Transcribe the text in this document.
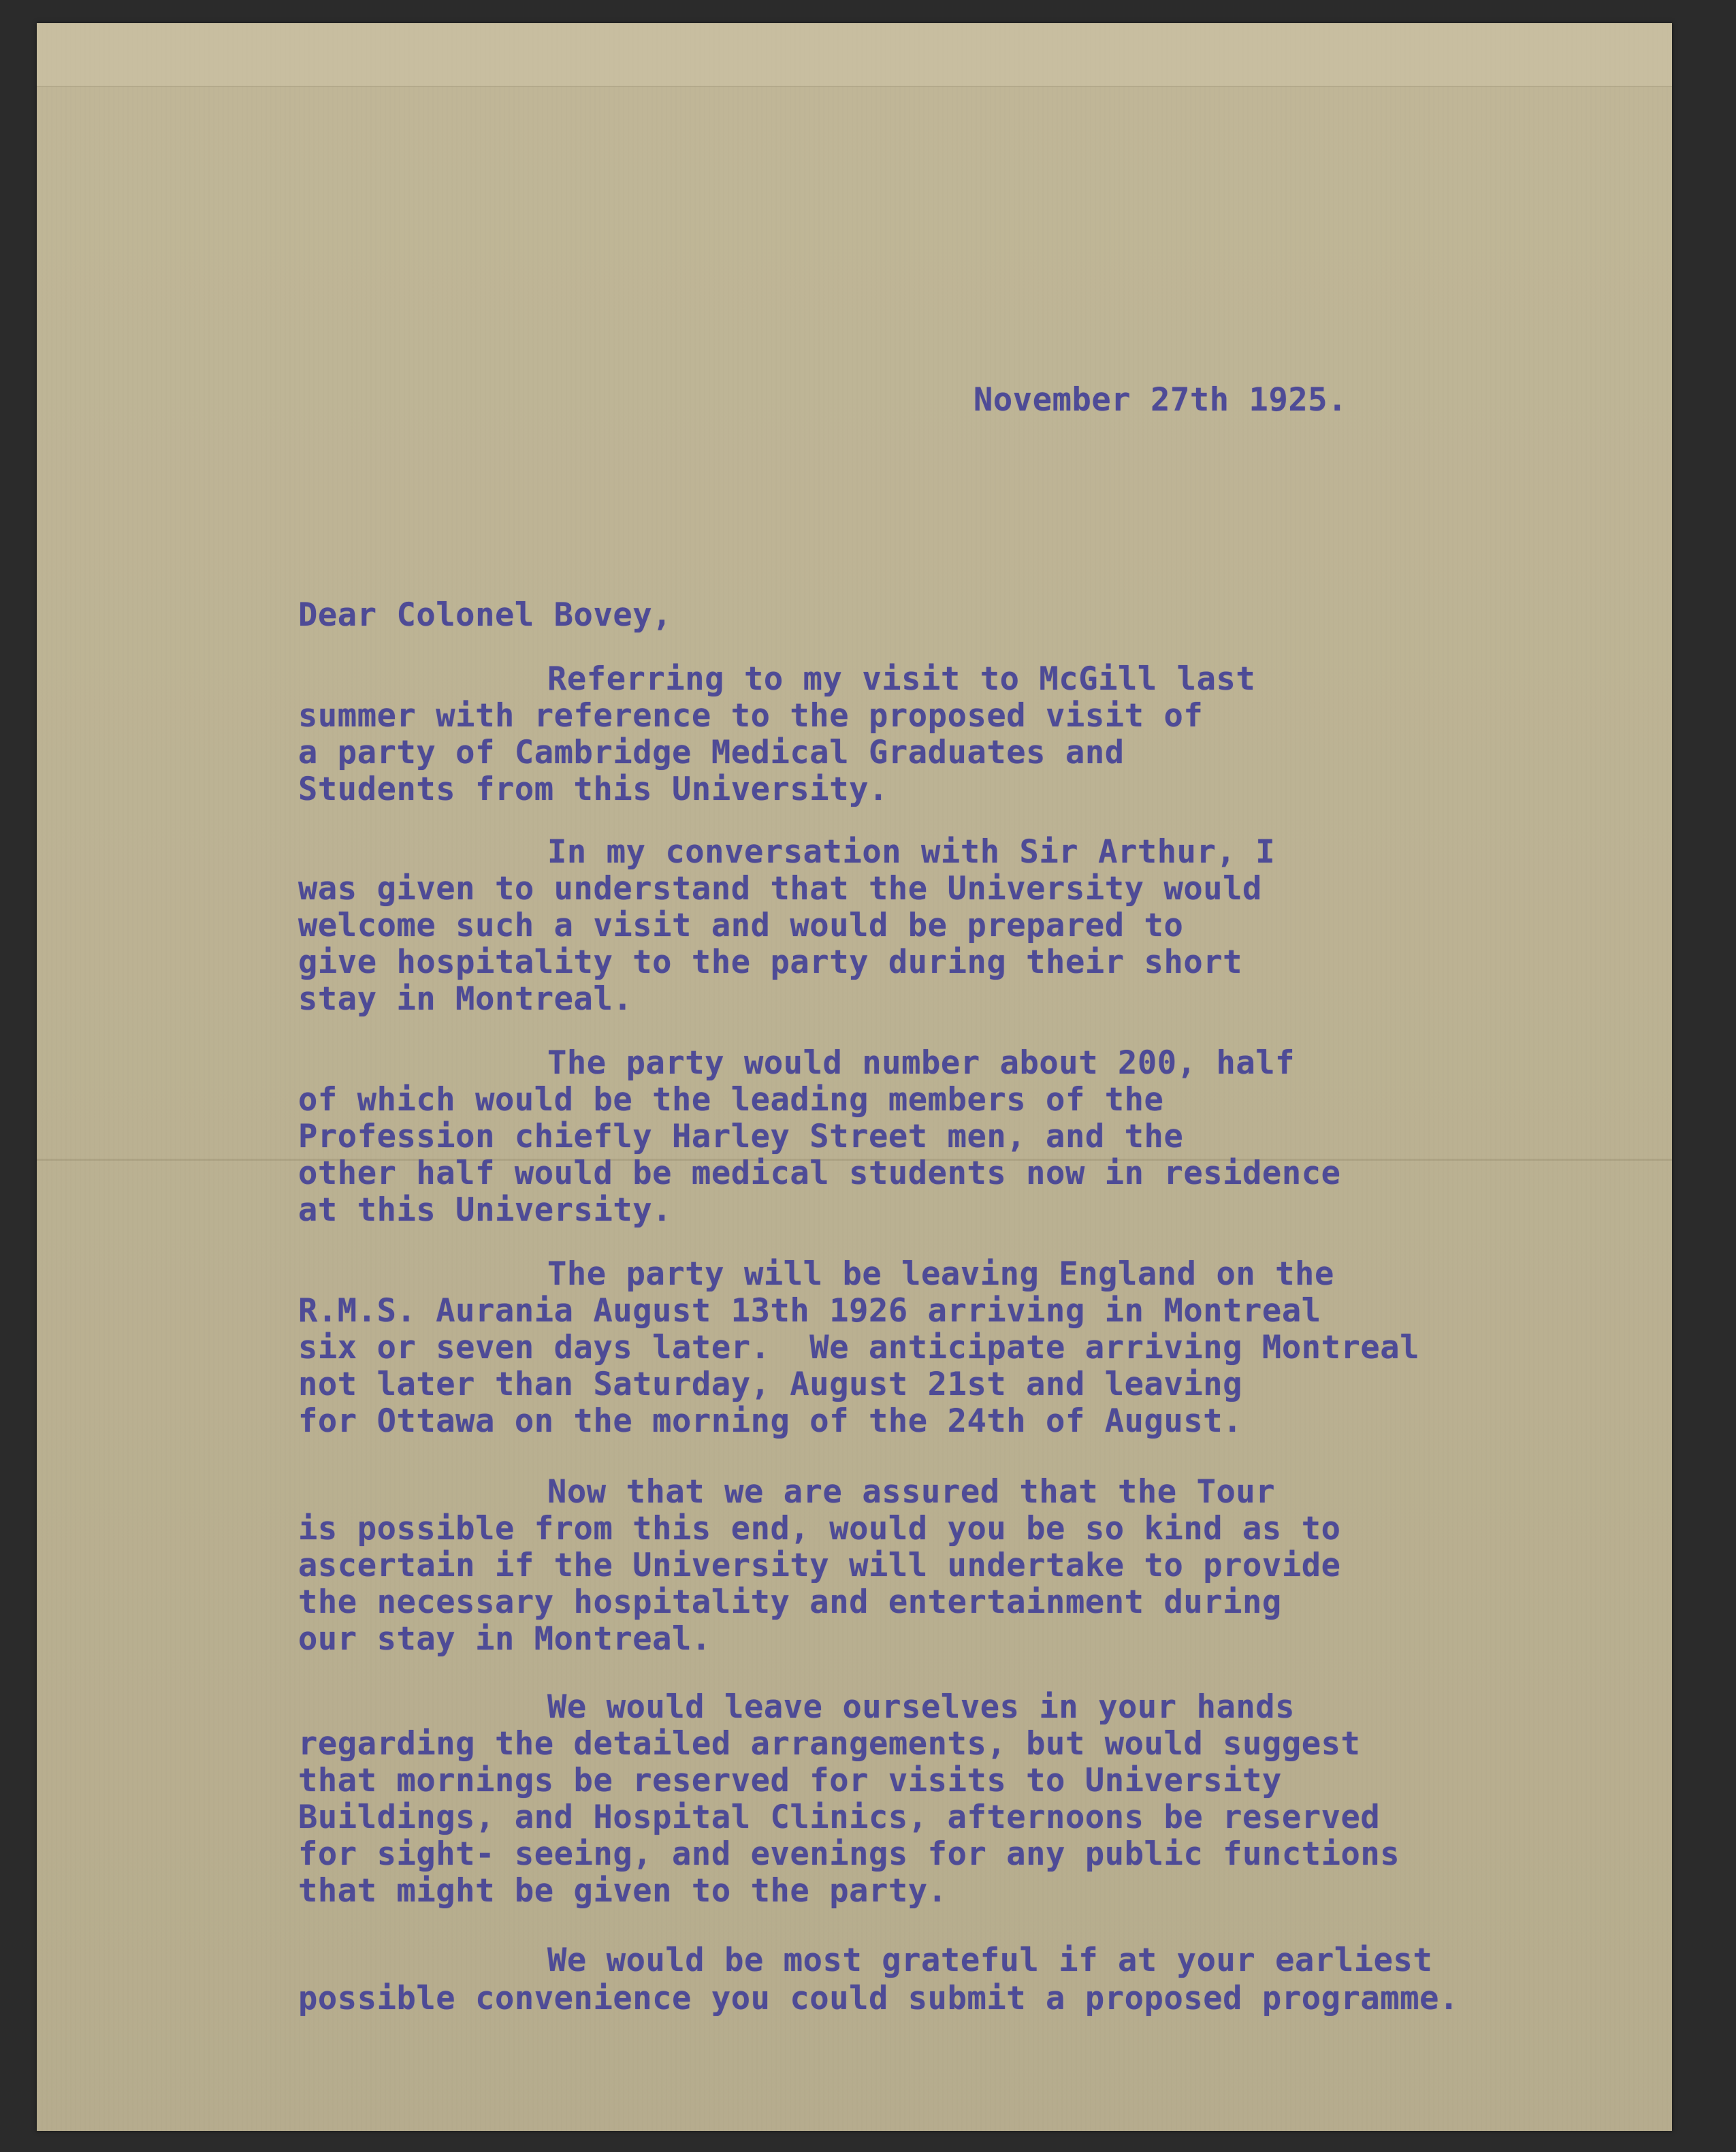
November 27th 1925.
Dear Colonel Bovey,
Referring to my visit to McGill last
summer with reference to the proposed visit of
a party of Cambridge Medical Graduates and
Students from this University.
In my conversation with Sir Arthur, I
was given to understand that the University would
welcome such a visit and would be prepared to
give hospitality to the party during their short
stay in Montreal.
The party would number about 200, half
of which would be the leading members of the
Profession chiefly Harley Street men, and the
other half would be medical students now in residence
at this University.
The party will be leaving England on the
R.M.S. Aurania August 13th 1926 arriving in Montreal
six or seven days later.  We anticipate arriving Montreal
not later than Saturday, August 21st and leaving
for Ottawa on the morning of the 24th of August.
Now that we are assured that the Tour
is possible from this end, would you be so kind as to
ascertain if the University will undertake to provide
the necessary hospitality and entertainment during
our stay in Montreal.
We would leave ourselves in your hands
regarding the detailed arrangements, but would suggest
that mornings be reserved for visits to University
Buildings, and Hospital Clinics, afternoons be reserved
for sight- seeing, and evenings for any public functions
that might be given to the party.
We would be most grateful if at your earliest
possible convenience you could submit a proposed programme.
